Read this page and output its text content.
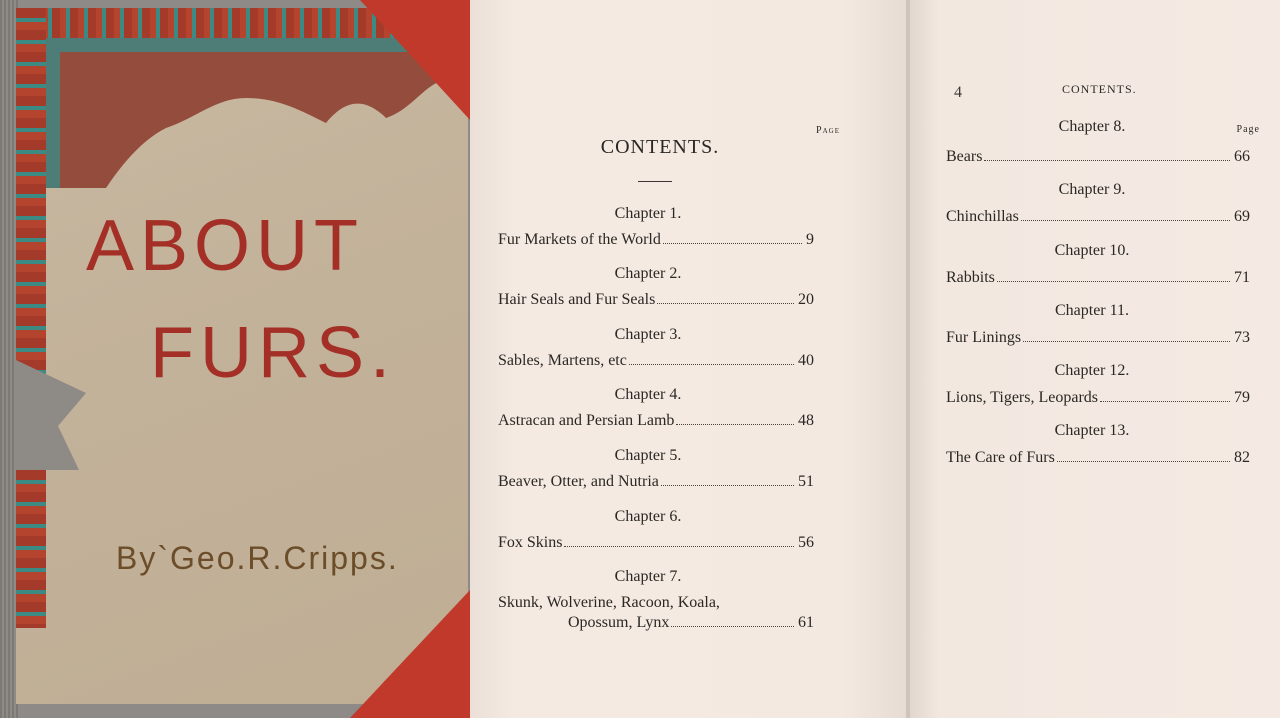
ABOUT
FURS.
By`Geo.R.Cripps.
CONTENTS.
Page
Chapter 1.
Fur Markets of the World	9
Chapter 2.
Hair Seals and Fur Seals	20
Chapter 3.
Sables, Martens, etc	40
Chapter 4.
Astracan and Persian Lamb	48
Chapter 5.
Beaver, Otter, and Nutria	51
Chapter 6.
Fox Skins	56
Chapter 7.
Skunk, Wolverine, Racoon, Koala,
Opossum, Lynx	61
4	CONTENTS.
Page
Chapter 8.
Bears	66
Chapter 9.
Chinchillas	69
Chapter 10.
Rabbits	71
Chapter 11.
Fur Linings	73
Chapter 12.
Lions, Tigers, Leopards	79
Chapter 13.
The Care of Furs	82
